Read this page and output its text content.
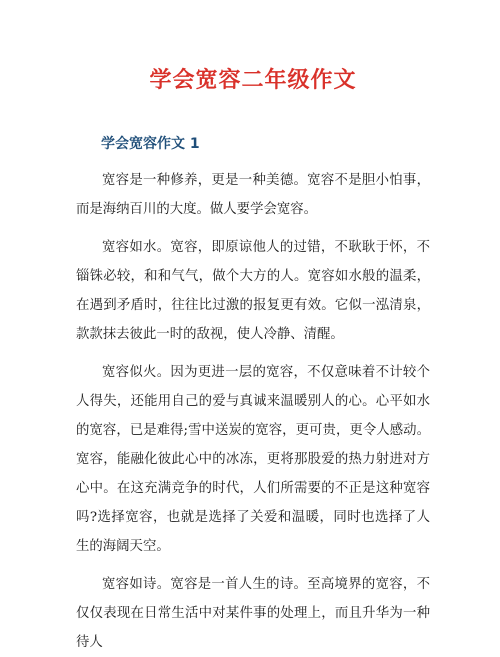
学会宽容二年级作文
学会宽容作文 1

宽容是一种修养，更是一种美德。宽容不是胆小怕事，而是海纳百川的大度。做人要学会宽容。

宽容如水。宽容，即原谅他人的过错，不耿耿于怀，不锱铢必较，和和气气，做个大方的人。宽容如水般的温柔，在遇到矛盾时，往往比过激的报复更有效。它似一泓清泉，款款抹去彼此一时的敌视，使人冷静、清醒。

宽容似火。因为更进一层的宽容，不仅意味着不计较个人得失，还能用自己的爱与真诚来温暖别人的心。心平如水的宽容，已是难得;雪中送炭的宽容，更可贵，更令人感动。宽容，能融化彼此心中的冰冻，更将那股爱的热力射进对方心中。在这充满竞争的时代，人们所需要的不正是这种宽容吗?选择宽容，也就是选择了关爱和温暖，同时也选择了人生的海阔天空。

宽容如诗。宽容是一首人生的诗。至高境界的宽容，不仅仅表现在日常生活中对某件事的处理上，而且升华为一种待人
